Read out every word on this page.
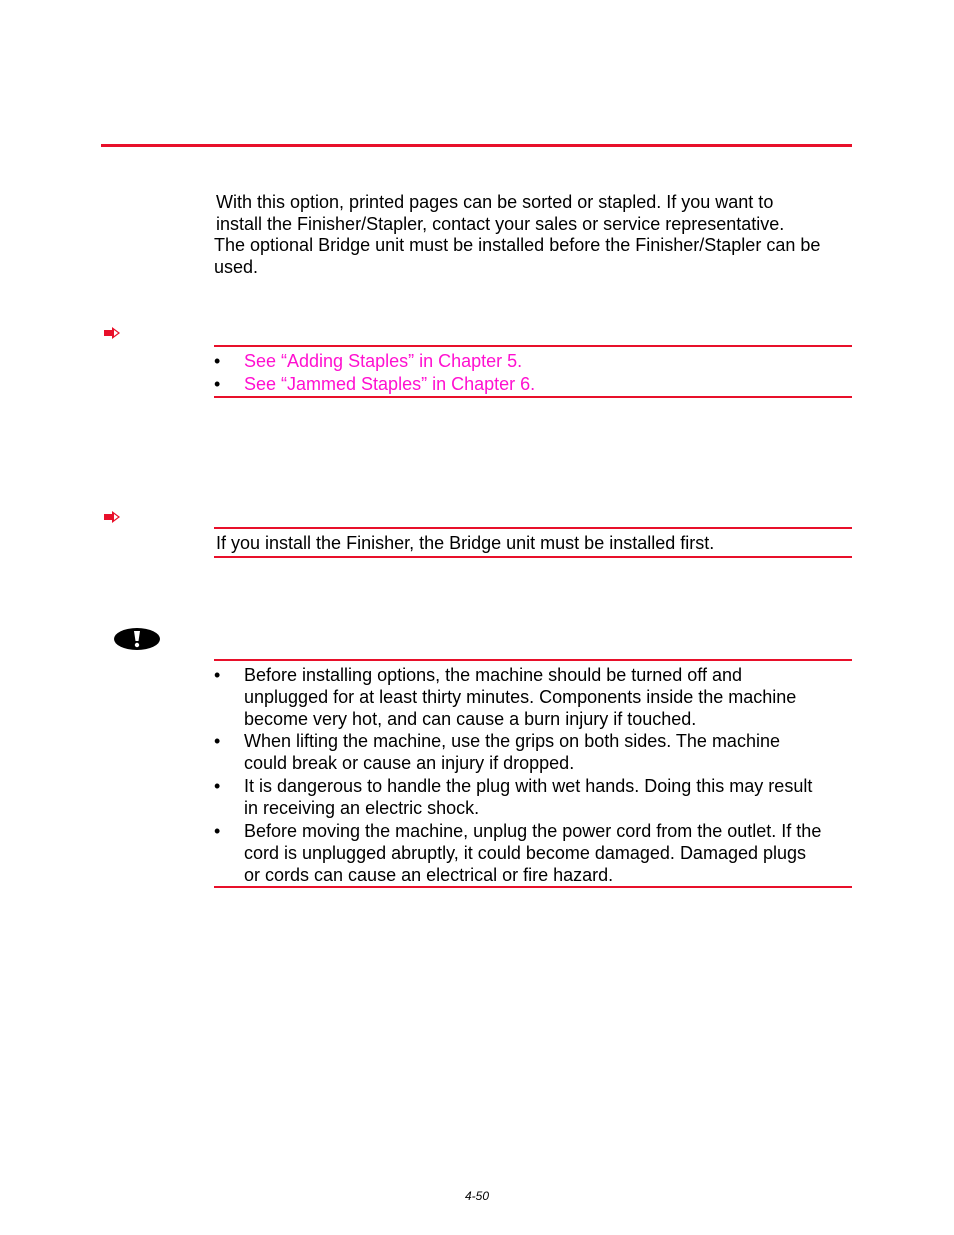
With this option, printed pages can be sorted or stapled. If you want to
install the Finisher/Stapler, contact your sales or service representative.
The optional Bridge unit must be installed before the Finisher/Stapler can be
used.
•	See “Adding Staples” in Chapter 5.
•	See “Jammed Staples” in Chapter 6.
If you install the Finisher, the Bridge unit must be installed first.
•	Before installing options, the machine should be turned off and
unplugged for at least thirty minutes. Components inside the machine
become very hot, and can cause a burn injury if touched.
•	When lifting the machine, use the grips on both sides. The machine
could break or cause an injury if dropped.
•	It is dangerous to handle the plug with wet hands. Doing this may result
in receiving an electric shock.
•	Before moving the machine, unplug the power cord from the outlet. If the
cord is unplugged abruptly, it could become damaged. Damaged plugs
or cords can cause an electrical or fire hazard.
4-50
